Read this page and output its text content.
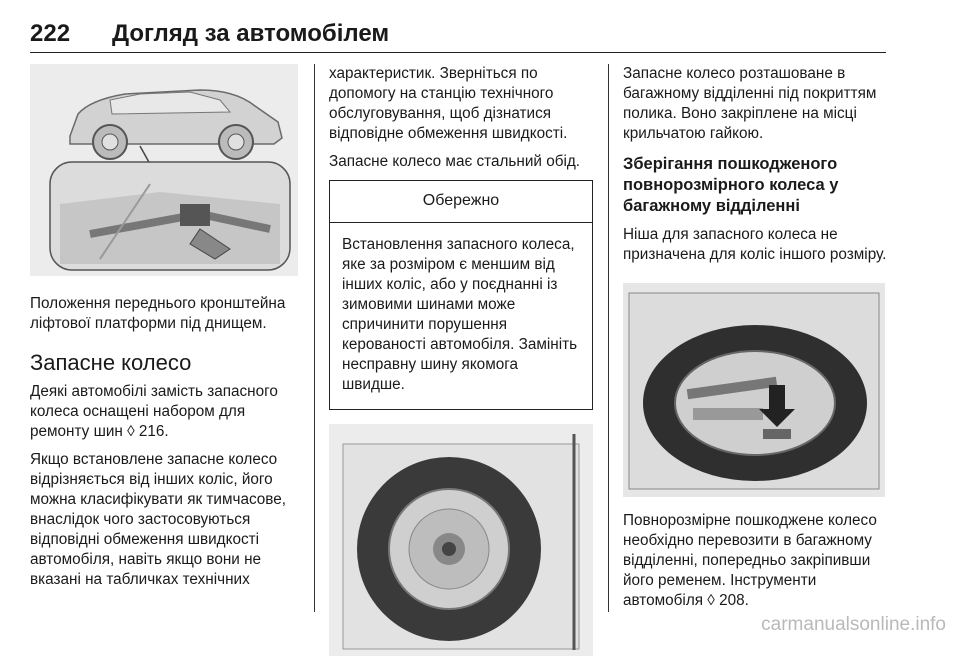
222 Догляд за автомобілем

Положення переднього кронштейна ліфтової платформи під днищем.

Запасне колесо

Деякі автомобілі замість запасного колеса оснащені набором для ремонту шин ◊ 216.

Якщо встановлене запасне колесо відрізняється від інших коліс, його можна класифікувати як тимчасове, внаслідок чого застосовуються відповідні обмеження швидкості автомобіля, навіть якщо вони не вказані на табличках технічних

характеристик. Зверніться по допомогу на станцію технічного обслуговування, щоб дізнатися відповідне обмеження швидкості.

Запасне колесо має стальний обід.

Обережно

Встановлення запасного колеса, яке за розміром є меншим від інших коліс, або у поєднанні із зимовими шинами може спричинити порушення керованості автомобіля. Замініть несправну шину якомога швидше.

Запасне колесо розташоване в багажному відділенні під покриттям полика. Воно закріплене на місці крильчатою гайкою.

Зберігання пошкодженого повнорозмірного колеса у багажному відділенні

Ніша для запасного колеса не призначена для коліс іншого розміру.

Повнорозмірне пошкоджене колесо необхідно перевозити в багажному відділенні, попередньо закріпивши його ременем. Інструменти автомобіля ◊ 208.

carmanualsonline.info
